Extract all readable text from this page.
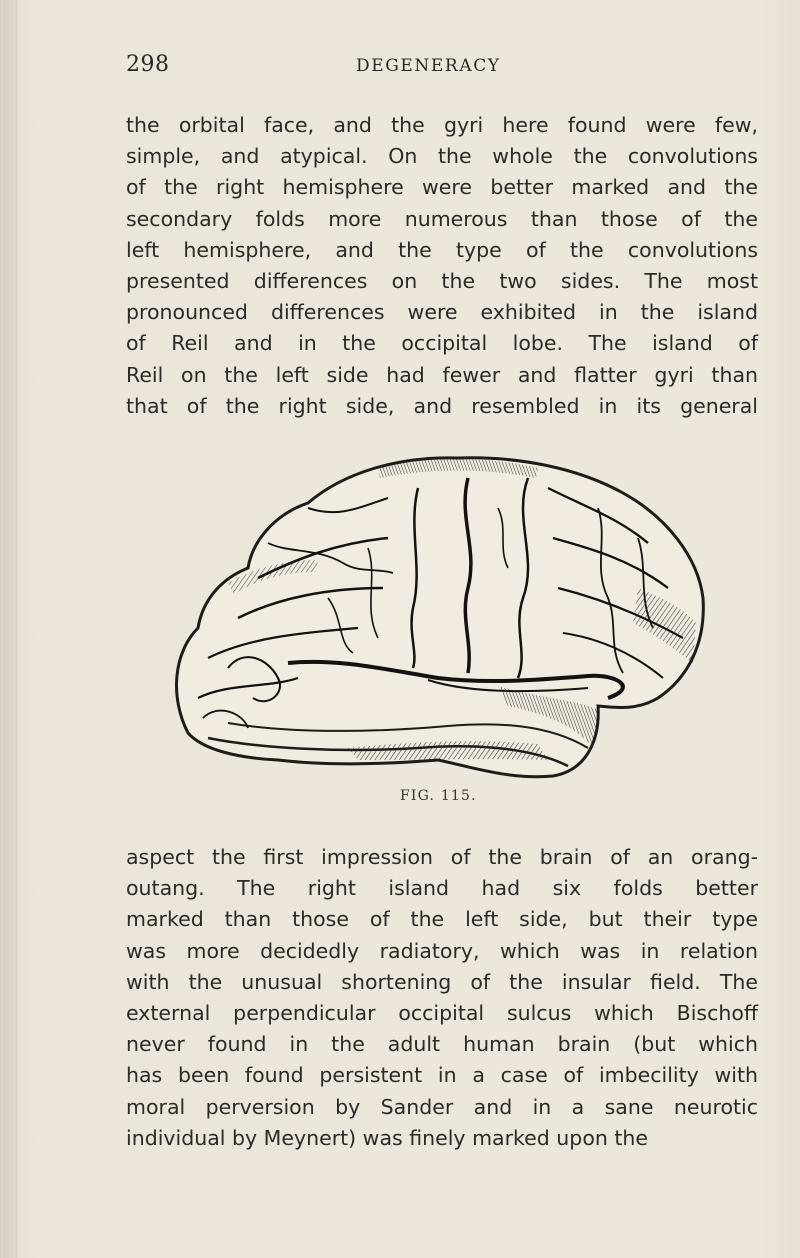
298	DEGENERACY
the orbital face, and the gyri here found were few,
simple, and atypical. On the whole the convolutions
of the right hemisphere were better marked and the
secondary folds more numerous than those of the
left hemisphere, and the type of the convolutions
presented differences on the two sides. The most
pronounced differences were exhibited in the island
of Reil and in the occipital lobe. The island of
Reil on the left side had fewer and flatter gyri than
that of the right side, and resembled in its general
FIG. 115.
aspect the first impression of the brain of an orang-
outang. The right island had six folds better
marked than those of the left side, but their type
was more decidedly radiatory, which was in relation
with the unusual shortening of the insular field. The
external perpendicular occipital sulcus which Bischoff
never found in the adult human brain (but which
has been found persistent in a case of imbecility with
moral perversion by Sander and in a sane neurotic
individual by Meynert) was finely marked upon the
